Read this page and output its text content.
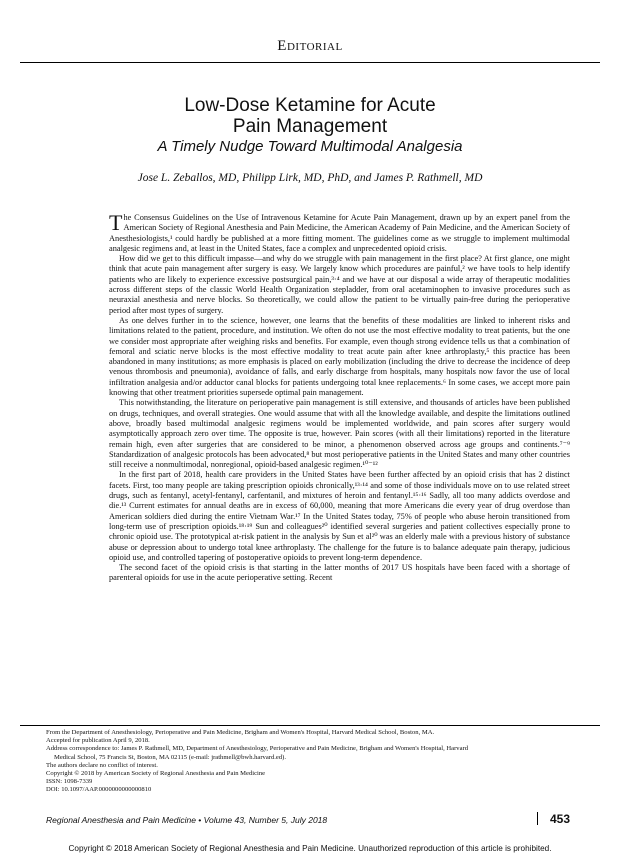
Editorial
Low-Dose Ketamine for Acute
Pain Management
A Timely Nudge Toward Multimodal Analgesia
Jose L. Zeballos, MD, Philipp Lirk, MD, PhD, and James P. Rathmell, MD

The Consensus Guidelines on the Use of Intravenous Ketamine for Acute Pain Management, drawn up by an expert panel from the American Society of Regional Anesthesia and Pain Medicine, the American Academy of Pain Medicine, and the American Society of Anesthesiologists,¹ could hardly be published at a more fitting moment. The guidelines come as we struggle to implement multimodal analgesic regimens and, at least in the United States, face a complex and unprecedented opioid crisis.

How did we get to this difficult impasse—and why do we struggle with pain management in the first place? At first glance, one might think that acute pain management after surgery is easy. We largely know which procedures are painful,² we have tools to help identify patients who are likely to experience excessive postsurgical pain,³·⁴ and we have at our disposal a wide array of therapeutic modalities across different steps of the classic World Health Organization stepladder, from oral acetaminophen to invasive procedures such as neuraxial anesthesia and nerve blocks. So theoretically, we could allow the patient to be virtually pain-free during the perioperative period after most types of surgery.

As one delves further in to the science, however, one learns that the benefits of these modalities are linked to inherent risks and limitations related to the patient, procedure, and institution. We often do not use the most effective modality to treat patients, but the one we consider most appropriate after weighing risks and benefits. For example, even though strong evidence tells us that a combination of femoral and sciatic nerve blocks is the most effective modality to treat acute pain after knee arthroplasty,⁵ this practice has been abandoned in many institutions; as more emphasis is placed on early mobilization (including the drive to decrease the incidence of deep venous thrombosis and pneumonia), avoidance of falls, and early discharge from hospitals, many hospitals now favor the use of local infiltration analgesia and/or adductor canal blocks for patients undergoing total knee replacements.⁶ In some cases, we accept more pain knowing that other treatment priorities supersede optimal pain management.

This notwithstanding, the literature on perioperative pain management is still extensive, and thousands of articles have been published on drugs, techniques, and overall strategies. One would assume that with all the knowledge available, and despite the limitations outlined above, broadly based multimodal analgesic regimens would be implemented worldwide, and pain scores after surgery would asymptotically approach zero over time. The opposite is true, however. Pain scores (with all their limitations) reported in the literature remain high, even after surgeries that are considered to be minor, a phenomenon observed across age groups and continents.⁷⁻⁹ Standardization of analgesic protocols has been advocated,⁸ but most perioperative patients in the United States and many other countries still receive a nonmultimodal, nonregional, opioid-based analgesic regimen.¹⁰⁻¹²

In the first part of 2018, health care providers in the United States have been further affected by an opioid crisis that has 2 distinct facets. First, too many people are taking prescription opioids chronically,¹³·¹⁴ and some of those individuals move on to use related street drugs, such as fentanyl, acetyl-fentanyl, carfentanil, and mixtures of heroin and fentanyl.¹⁵·¹⁶ Sadly, all too many addicts overdose and die.¹³ Current estimates for annual deaths are in excess of 60,000, meaning that more Americans die every year of drug overdose than American soldiers died during the entire Vietnam War.¹⁷ In the United States today, 75% of people who abuse heroin transitioned from long-term use of prescription opioids.¹⁸·¹⁹ Sun and colleagues²⁰ identified several surgeries and patient collectives especially prone to chronic opioid use. The prototypical at-risk patient in the analysis by Sun et al²⁰ was an elderly male with a previous history of substance abuse or depression about to undergo total knee arthroplasty. The challenge for the future is to balance adequate pain therapy, judicious opioid use, and controlled tapering of postoperative opioids to prevent long-term dependence.

The second facet of the opioid crisis is that starting in the latter months of 2017 US hospitals have been faced with a shortage of parenteral opioids for use in the acute perioperative setting. Recent

From the Department of Anesthesiology, Perioperative and Pain Medicine, Brigham and Women's Hospital, Harvard Medical School, Boston, MA.
Accepted for publication April 9, 2018.
Address correspondence to: James P. Rathmell, MD, Department of Anesthesiology, Perioperative and Pain Medicine, Brigham and Women's Hospital, Harvard
Medical School, 75 Francis St, Boston, MA 02115 (e-mail: jrathmell@bwh.harvard.ed).
The authors declare no conflict of interest.
Copyright © 2018 by American Society of Regional Anesthesia and Pain Medicine
ISSN: 1098-7339
DOI: 10.1097/AAP.0000000000000810
Regional Anesthesia and Pain Medicine • Volume 43, Number 5, July 2018	453
Copyright © 2018 American Society of Regional Anesthesia and Pain Medicine. Unauthorized reproduction of this article is prohibited.
